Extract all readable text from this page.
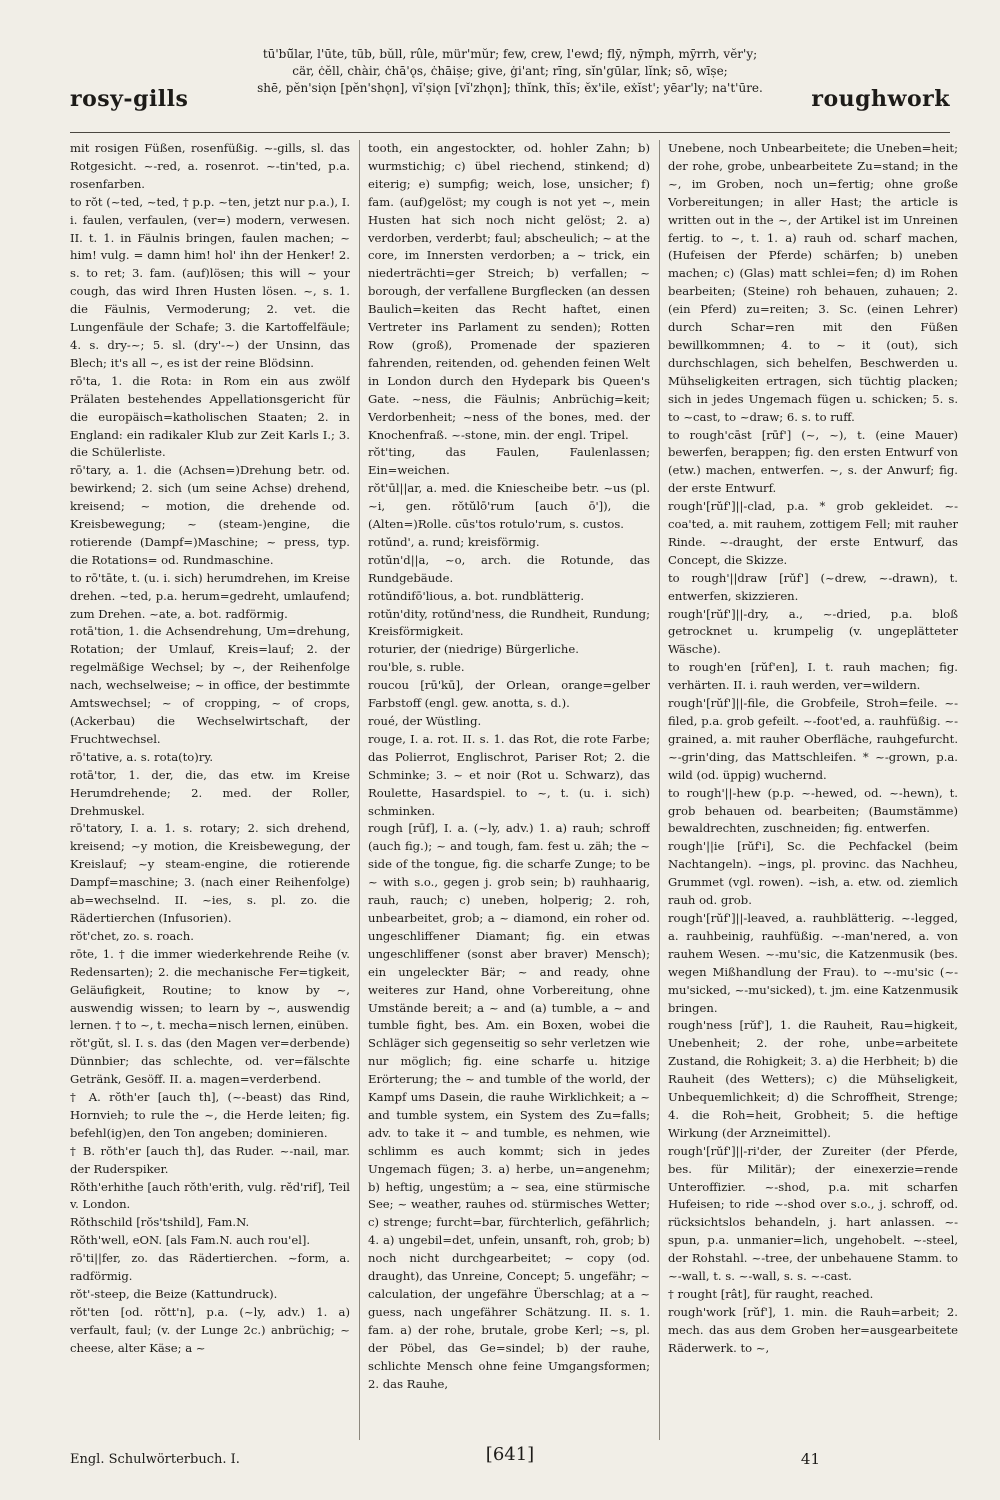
rosy-gills
tū'bū̆lar, l'ūte, tūb, bŭll, rûle, mür'mŭr; few, crew, l'ewd; flȳ, nȳmph, mȳrrh, vĕr'y;
cär, ċĕll, chàir, ċhā'ǫs, ċhāiṣe; give, ġi'ant; rīng, sĭn'gūlar, lĭnk; sō, wīṣe;
shē, pĕn'siǫn [pĕn'shǫn], vĭ'ṣiǫn [vĭ'zhǫn]; thĭnk, thĭs; ĕx'ile, eẋĭst'; yēar'ly; na't'ūre.	roughwork

mit rosigen Füßen, rosenfüßig. ~-gills, sl. das Rotgesicht. ~-red, a. rosenrot. ~-tin'ted, p.a. rosenfarben.

to rŏt (~ted, ~ted, † p.p. ~ten, jetzt nur p.a.), I. i. faulen, verfaulen, (ver=) modern, verwesen. II. t. 1. in Fäulnis bringen, faulen machen; ~ him! vulg. = damn him! hol' ihn der Henker! 2. s. to ret; 3. fam. (auf)lösen; this will ~ your cough, das wird Ihren Husten lösen. ~, s. 1. die Fäulnis, Vermoderung; 2. vet. die Lungenfäule der Schafe; 3. die Kartoffelfäule; 4. s. dry-~; 5. sl. (dry'-~) der Unsinn, das Blech; it's all ~, es ist der reine Blödsinn.

rō'ta, 1. die Rota: in Rom ein aus zwölf Prälaten bestehendes Appellationsgericht für die europäisch=katholischen Staaten; 2. in England: ein radikaler Klub zur Zeit Karls I.; 3. die Schülerliste.

rō'tary, a. 1. die (Achsen=)Drehung betr. od. bewirkend; 2. sich (um seine Achse) drehend, kreisend; ~ motion, die drehende od. Kreisbewegung; ~ (steam-)engine, die rotierende (Dampf=)Maschine; ~ press, typ. die Rotations= od. Rundmaschine.

to rō'tāte, t. (u. i. sich) herumdrehen, im Kreise drehen. ~ted, p.a. herum=gedreht, umlaufend; zum Drehen. ~ate, a. bot. radförmig.

rotā'tion, 1. die Achsendrehung, Um=drehung, Rotation; der Umlauf, Kreis=lauf; 2. der regelmäßige Wechsel; by ~, der Reihenfolge nach, wechselweise; ~ in office, der bestimmte Amtswechsel; ~ of cropping, ~ of crops, (Ackerbau) die Wechselwirtschaft, der Fruchtwechsel.

rō'tative, a. s. rota(to)ry.

rotā'tor, 1. der, die, das etw. im Kreise Herumdrehende; 2. med. der Roller, Drehmuskel.

rō'tatory, I. a. 1. s. rotary; 2. sich drehend, kreisend; ~y motion, die Kreisbewegung, der Kreislauf; ~y steam-engine, die rotierende Dampf=maschine; 3. (nach einer Reihenfolge) ab=wechselnd. II. ~ies, s. pl. zo. die Rädertierchen (Infusorien).

rŏt'chet, zo. s. roach.

rōte, 1. † die immer wiederkehrende Reihe (v. Redensarten); 2. die mechanische Fer=tigkeit, Geläufigkeit, Routine; to know by ~, auswendig wissen; to learn by ~, auswendig lernen. † to ~, t. mecha=nisch lernen, einüben.

rŏt'gŭt, sl. I. s. das (den Magen ver=derbende) Dünnbier; das schlechte, od. ver=fälschte Getränk, Gesöff. II. a. magen=verderbend.

† A. rŏth'er [auch th], (~-beast) das Rind, Hornvieh; to rule the ~, die Herde leiten; fig. befehl(ig)en, den Ton angeben; dominieren.

† B. rŏth'er [auch th], das Ruder. ~-nail, mar. der Ruderspiker.

Rŏth'erhithe [auch rŏth'erith, vulg. rĕd'rif], Teil v. London.

Rŏthschild [rŏs'tshild], Fam.N.

Rŏth'well, eON. [als Fam.N. auch rou'el].

rō'ti||fer, zo. das Rädertierchen. ~form, a. radförmig.

rŏt'-steep, die Beize (Kattundruck).

rŏt'ten [od. rŏtt'n], p.a. (~ly, adv.) 1. a) verfault, faul; (v. der Lunge 2c.) anbrüchig; ~ cheese, alter Käse; a ~

tooth, ein angestockter, od. hohler Zahn; b) wurmstichig; c) übel riechend, stinkend; d) eiterig; e) sumpfig; weich, lose, unsicher; f) fam. (auf)gelöst; my cough is not yet ~, mein Husten hat sich noch nicht gelöst; 2. a) verdorben, verderbt; faul; abscheulich; ~ at the core, im Innersten verdorben; a ~ trick, ein niederträchti=ger Streich; b) verfallen; ~ borough, der verfallene Burgflecken (an dessen Baulich=keiten das Recht haftet, einen Vertreter ins Parlament zu senden); Rotten Row (groß), Promenade der spazieren fahrenden, reitenden, od. gehenden feinen Welt in London durch den Hydepark bis Queen's Gate. ~ness, die Fäulnis; Anbrüchig=keit; Verdorbenheit; ~ness of the bones, med. der Knochenfraß. ~-stone, min. der engl. Tripel.

rŏt'ting, das Faulen, Faulenlassen; Ein=weichen.

rŏt'ūl||ar, a. med. die Kniescheibe betr. ~us (pl. ~i, gen. rŏtŭlō'rum [auch ō']), die (Alten=)Rolle. cūs'tos rotulo'rum, s. custos.

rotŭnd', a. rund; kreisförmig.

rotŭn'd||a, ~o, arch. die Rotunde, das Rundgebäude.

rotŭndifō'lious, a. bot. rundblätterig.

rotŭn'dity, rotŭnd'ness, die Rundheit, Rundung; Kreisförmigkeit.

roturier, der (niedrige) Bürgerliche.

rou'ble, s. ruble.

roucou [rū'kū], der Orlean, orange=gelber Farbstoff (engl. gew. anotta, s. d.).

roué, der Wüstling.

rouge, I. a. rot. II. s. 1. das Rot, die rote Farbe; das Polierrot, Englischrot, Pariser Rot; 2. die Schminke; 3. ~ et noir (Rot u. Schwarz), das Roulette, Hasardspiel. to ~, t. (u. i. sich) schminken.

rough [rūf], I. a. (~ly, adv.) 1. a) rauh; schroff (auch fig.); ~ and tough, fam. fest u. zäh; the ~ side of the tongue, fig. die scharfe Zunge; to be ~ with s.o., gegen j. grob sein; b) rauhhaarig, rauh, rauch; c) uneben, holperig; 2. roh, unbearbeitet, grob; a ~ diamond, ein roher od. ungeschliffener Diamant; fig. ein etwas ungeschliffener (sonst aber braver) Mensch); ein ungeleckter Bär; ~ and ready, ohne weiteres zur Hand, ohne Vorbereitung, ohne Umstände bereit; a ~ and (a) tumble, a ~ and tumble fight, bes. Am. ein Boxen, wobei die Schläger sich gegenseitig so sehr verletzen wie nur möglich; fig. eine scharfe u. hitzige Erörterung; the ~ and tumble of the world, der Kampf ums Dasein, die rauhe Wirklichkeit; a ~ and tumble system, ein System des Zu=falls; adv. to take it ~ and tumble, es nehmen, wie schlimm es auch kommt; sich in jedes Ungemach fügen; 3. a) herbe, un=angenehm; b) heftig, ungestüm; a ~ sea, eine stürmische See; ~ weather, rauhes od. stürmisches Wetter; c) strenge; furcht=bar, fürchterlich, gefährlich; 4. a) ungebil=det, unfein, unsanft, roh, grob; b) noch nicht durchgearbeitet; ~ copy (od. draught), das Unreine, Concept; 5. ungefähr; ~ calculation, der ungefähre Überschlag; at a ~ guess, nach ungefährer Schätzung. II. s. 1. fam. a) der rohe, brutale, grobe Kerl; ~s, pl. der Pöbel, das Ge=sindel; b) der rauhe, schlichte Mensch ohne feine Umgangsformen; 2. das Rauhe,

Unebene, noch Unbearbeitete; die Uneben=heit; der rohe, grobe, unbearbeitete Zu=stand; in the ~, im Groben, noch un=fertig; ohne große Vorbereitungen; in aller Hast; the article is written out in the ~, der Artikel ist im Unreinen fertig. to ~, t. 1. a) rauh od. scharf machen, (Hufeisen der Pferde) schärfen; b) uneben machen; c) (Glas) matt schlei=fen; d) im Rohen bearbeiten; (Steine) roh behauen, zuhauen; 2. (ein Pferd) zu=reiten; 3. Sc. (einen Lehrer) durch Schar=ren mit den Füßen bewillkommnen; 4. to ~ it (out), sich durchschlagen, sich behelfen, Beschwerden u. Mühseligkeiten ertragen, sich tüchtig placken; sich in jedes Ungemach fügen u. schicken; 5. s. to ~cast, to ~draw; 6. s. to ruff.

to rough'cāst [rūf'] (~, ~), t. (eine Mauer) bewerfen, berappen; fig. den ersten Entwurf von (etw.) machen, entwerfen. ~, s. der Anwurf; fig. der erste Entwurf.

rough'[rŭf']||-clad, p.a. * grob gekleidet. ~-coa'ted, a. mit rauhem, zottigem Fell; mit rauher Rinde. ~-draught, der erste Entwurf, das Concept, die Skizze.

to rough'||draw [rŭf'] (~drew, ~-drawn), t. entwerfen, skizzieren.

rough'[rŭf']||-dry, a., ~-dried, p.a. bloß getrocknet u. krumpelig (v. ungeplätteter Wäsche).

to rough'en [rŭf'en], I. t. rauh machen; fig. verhärten. II. i. rauh werden, ver=wildern.

rough'[rŭf']||-file, die Grobfeile, Stroh=feile. ~-filed, p.a. grob gefeilt. ~-foot'ed, a. rauhfüßig. ~-grained, a. mit rauher Oberfläche, rauhgefurcht. ~-grin'ding, das Mattschleifen. * ~-grown, p.a. wild (od. üppig) wuchernd.

to rough'||-hew (p.p. ~-hewed, od. ~-hewn), t. grob behauen od. bearbeiten; (Baumstämme) bewaldrechten, zuschneiden; fig. entwerfen.

rough'||ie [rŭf'i], Sc. die Pechfackel (beim Nachtangeln). ~ings, pl. provinc. das Nachheu, Grummet (vgl. rowen). ~ish, a. etw. od. ziemlich rauh od. grob.

rough'[rŭf']||-leaved, a. rauhblätterig. ~-legged, a. rauhbeinig, rauhfüßig. ~-man'nered, a. von rauhem Wesen. ~-mu'sic, die Katzenmusik (bes. wegen Mißhandlung der Frau). to ~-mu'sic (~-mu'sicked, ~-mu'sicked), t. jm. eine Katzenmusik bringen.

rough'ness [rŭf'], 1. die Rauheit, Rau=higkeit, Unebenheit; 2. der rohe, unbe=arbeitete Zustand, die Rohigkeit; 3. a) die Herbheit; b) die Rauheit (des Wetters); c) die Mühseligkeit, Unbequemlichkeit; d) die Schroffheit, Strenge; 4. die Roh=heit, Grobheit; 5. die heftige Wirkung (der Arzneimittel).

rough'[rŭf']||-ri'der, der Zureiter (der Pferde, bes. für Militär); der einexerzie=rende Unteroffizier. ~-shod, p.a. mit scharfen Hufeisen; to ride ~-shod over s.o., j. schroff, od. rücksichtslos behandeln, j. hart anlassen. ~-spun, p.a. unmanier=lich, ungehobelt. ~-steel, der Rohstahl. ~-tree, der unbehauene Stamm. to ~-wall, t. s. ~-wall, s. s. ~-cast.

† rought [rât], für raught, reached.

rough'work [rŭf'], 1. min. die Rauh=arbeit; 2. mech. das aus dem Groben her=ausgearbeitete Räderwerk. to ~,

Engl. Schulwörterbuch. I.	[641]	41
